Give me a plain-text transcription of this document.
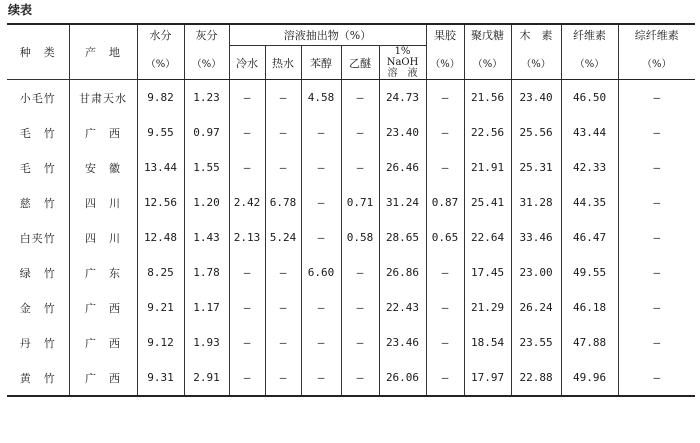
续表
种　类	产　地	水分	灰分	溶液抽出物（%）					果胶	聚戊糖	木　素	纤维素	综纤维素
				冷水	热水	苯醇	乙醚	1%
NaOH
溶　液					

		（%）	（%）						（%）	（%）	（%）	（%）	（%）
小毛竹	甘肃天水	9.82	1.23	—	—	4.58	—	24.73	—	21.56	23.40	46.50	—
毛　竹	广　西	9.55	0.97	—	—	—	—	23.40	—	22.56	25.56	43.44	—
毛　竹	安　徽	13.44	1.55	—	—	—	—	26.46	—	21.91	25.31	42.33	—
慈　竹	四　川	12.56	1.20	2.42	6.78	—	0.71	31.24	0.87	25.41	31.28	44.35	—
白夹竹	四　川	12.48	1.43	2.13	5.24	—	0.58	28.65	0.65	22.64	33.46	46.47	—
绿　竹	广　东	8.25	1.78	—	—	6.60	—	26.86	—	17.45	23.00	49.55	—
金　竹	广　西	9.21	1.17	—	—	—	—	22.43	—	21.29	26.24	46.18	—
丹　竹	广　西	9.12	1.93	—	—	—	—	23.46	—	18.54	23.55	47.88	—
黄　竹	广　西	9.31	2.91	—	—	—	—	26.06	—	17.97	22.88	49.96	—
